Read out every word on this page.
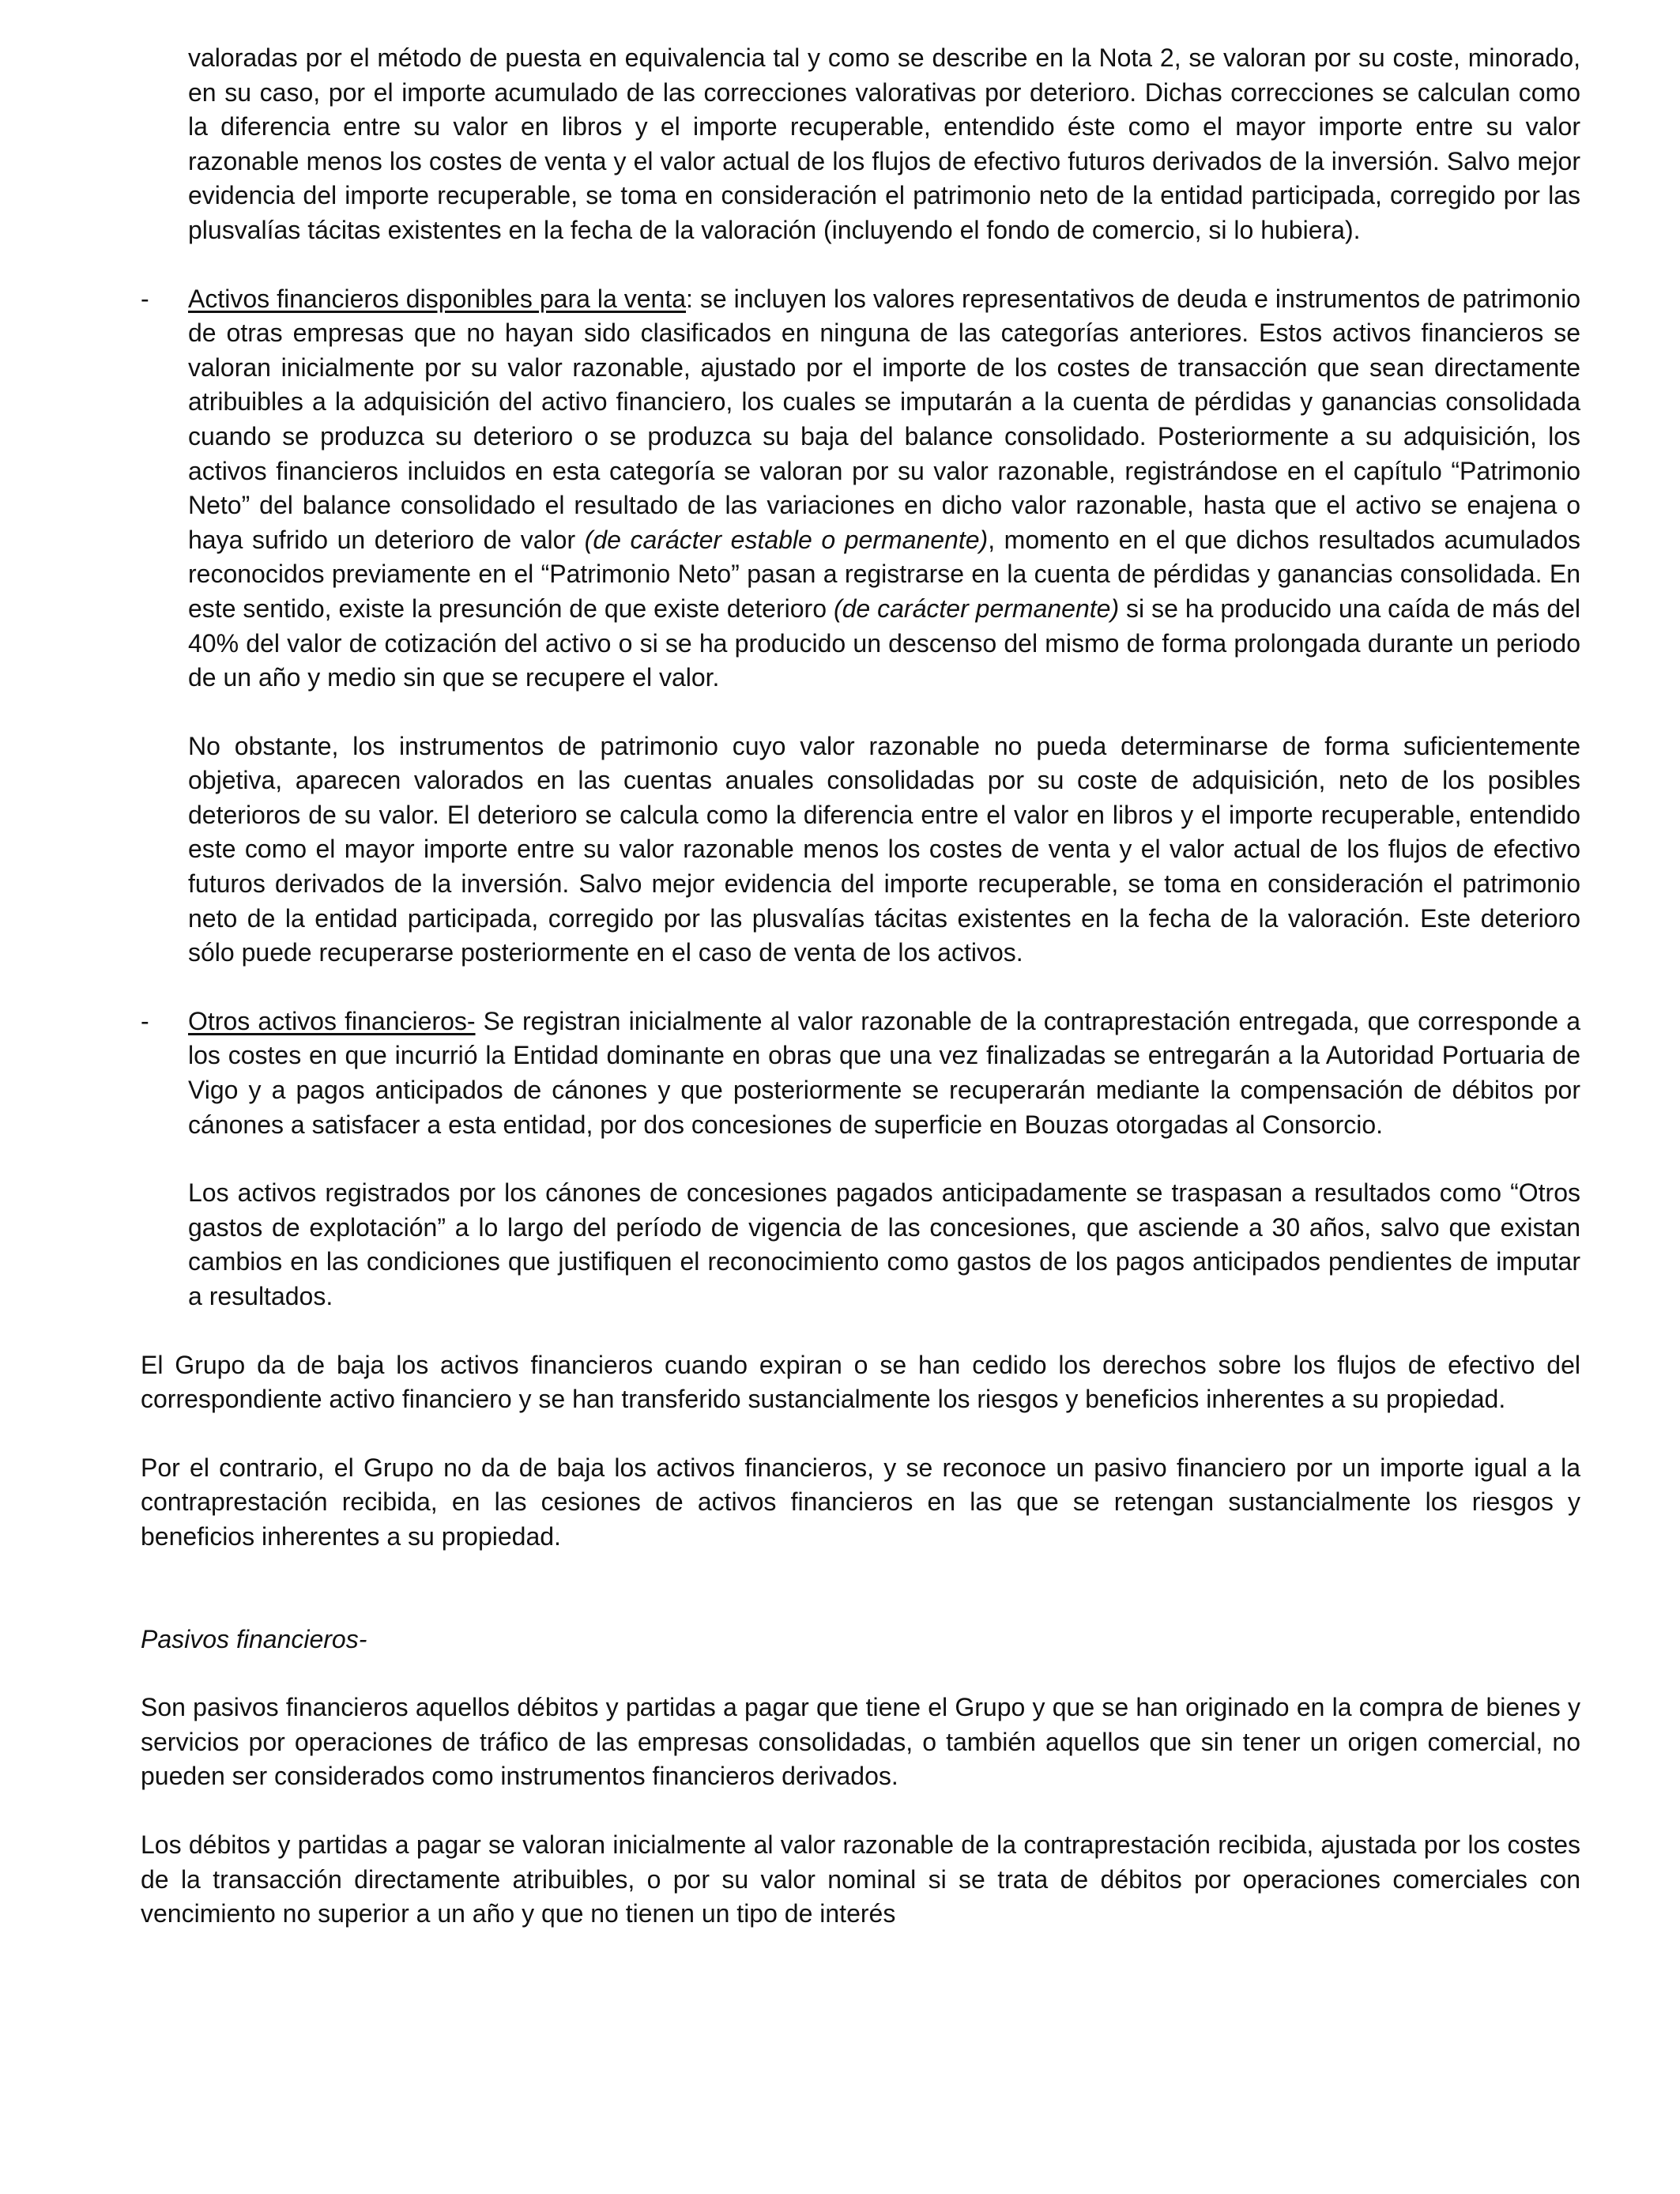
valoradas por el método de puesta en equivalencia tal y como se describe en la Nota 2, se valoran por su coste, minorado, en su caso, por el importe acumulado de las correcciones valorativas por deterioro. Dichas correcciones se calculan como la diferencia entre su valor en libros y el importe recuperable, entendido éste como el mayor importe entre su valor razonable menos los costes de venta y el valor actual de los flujos de efectivo futuros derivados de la inversión. Salvo mejor evidencia del importe recuperable, se toma en consideración el patrimonio neto de la entidad participada, corregido por las plusvalías tácitas existentes en la fecha de la valoración (incluyendo el fondo de comercio, si lo hubiera).

- Activos financieros disponibles para la venta: se incluyen los valores representativos de deuda e instrumentos de patrimonio de otras empresas que no hayan sido clasificados en ninguna de las categorías anteriores. Estos activos financieros se valoran inicialmente por su valor razonable, ajustado por el importe de los costes de transacción que sean directamente atribuibles a la adquisición del activo financiero, los cuales se imputarán a la cuenta de pérdidas y ganancias consolidada cuando se produzca su deterioro o se produzca su baja del balance consolidado. Posteriormente a su adquisición, los activos financieros incluidos en esta categoría se valoran por su valor razonable, registrándose en el capítulo “Patrimonio Neto” del balance consolidado el resultado de las variaciones en dicho valor razonable, hasta que el activo se enajena o haya sufrido un deterioro de valor (de carácter estable o permanente), momento en el que dichos resultados acumulados reconocidos previamente en el “Patrimonio Neto” pasan a registrarse en la cuenta de pérdidas y ganancias consolidada. En este sentido, existe la presunción de que existe deterioro (de carácter permanente) si se ha producido una caída de más del 40% del valor de cotización del activo o si se ha producido un descenso del mismo de forma prolongada durante un periodo de un año y medio sin que se recupere el valor.

No obstante, los instrumentos de patrimonio cuyo valor razonable no pueda determinarse de forma suficientemente objetiva, aparecen valorados en las cuentas anuales consolidadas por su coste de adquisición, neto de los posibles deterioros de su valor. El deterioro se calcula como la diferencia entre el valor en libros y el importe recuperable, entendido este como el mayor importe entre su valor razonable menos los costes de venta y el valor actual de los flujos de efectivo futuros derivados de la inversión. Salvo mejor evidencia del importe recuperable, se toma en consideración el patrimonio neto de la entidad participada, corregido por las plusvalías tácitas existentes en la fecha de la valoración. Este deterioro sólo puede recuperarse posteriormente en el caso de venta de los activos.

- Otros activos financieros- Se registran inicialmente al valor razonable de la contraprestación entregada, que corresponde a los costes en que incurrió la Entidad dominante en obras que una vez finalizadas se entregarán a la Autoridad Portuaria de Vigo y a pagos anticipados de cánones y que posteriormente se recuperarán mediante la compensación de débitos por cánones a satisfacer a esta entidad, por dos concesiones de superficie en Bouzas otorgadas al Consorcio.

Los activos registrados por los cánones de concesiones pagados anticipadamente se traspasan a resultados como “Otros gastos de explotación” a lo largo del período de vigencia de las concesiones, que asciende a 30 años, salvo que existan cambios en las condiciones que justifiquen el reconocimiento como gastos de los pagos anticipados pendientes de imputar a resultados.

El Grupo da de baja los activos financieros cuando expiran o se han cedido los derechos sobre los flujos de efectivo del correspondiente activo financiero y se han transferido sustancialmente los riesgos y beneficios inherentes a su propiedad.

Por el contrario, el Grupo no da de baja los activos financieros, y se reconoce un pasivo financiero por un importe igual a la contraprestación recibida, en las cesiones de activos financieros en las que se retengan sustancialmente los riesgos y beneficios inherentes a su propiedad.

Pasivos financieros-

Son pasivos financieros aquellos débitos y partidas a pagar que tiene el Grupo y que se han originado en la compra de bienes y servicios por operaciones de tráfico de las empresas consolidadas, o también aquellos que sin tener un origen comercial, no pueden ser considerados como instrumentos financieros derivados.

Los débitos y partidas a pagar se valoran inicialmente al valor razonable de la contraprestación recibida, ajustada por los costes de la transacción directamente atribuibles, o por su valor nominal si se trata de débitos por operaciones comerciales con vencimiento no superior a un año y que no tienen un tipo de interés
